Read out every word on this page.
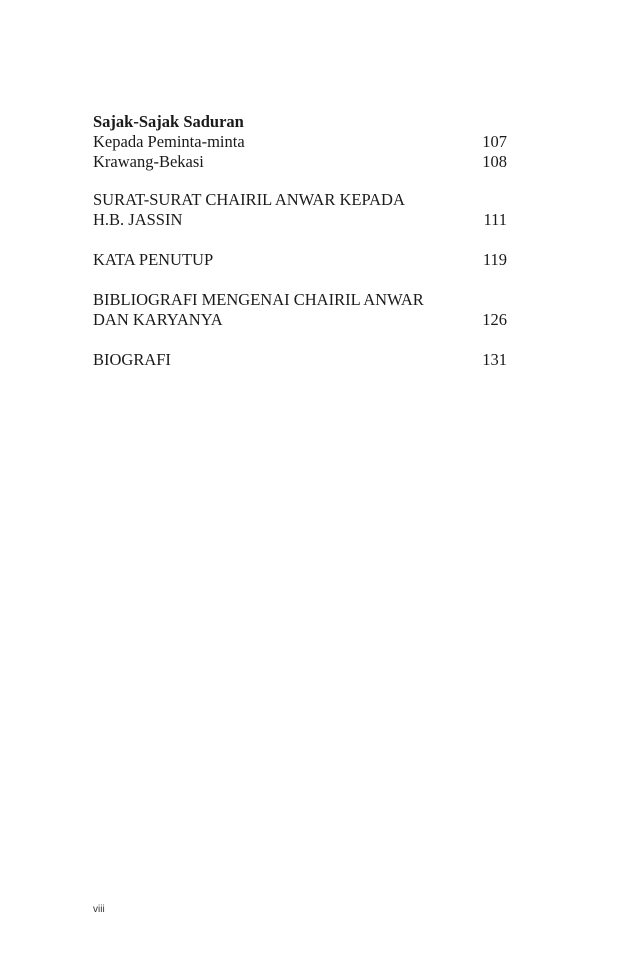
Sajak-Sajak Saduran
Kepada Peminta-minta	107
Krawang-Bekasi	108
SURAT-SURAT CHAIRIL ANWAR KEPADA
H.B. JASSIN	111
KATA PENUTUP	119
BIBLIOGRAFI MENGENAI CHAIRIL ANWAR
DAN KARYANYA	126
BIOGRAFI	131
viii
